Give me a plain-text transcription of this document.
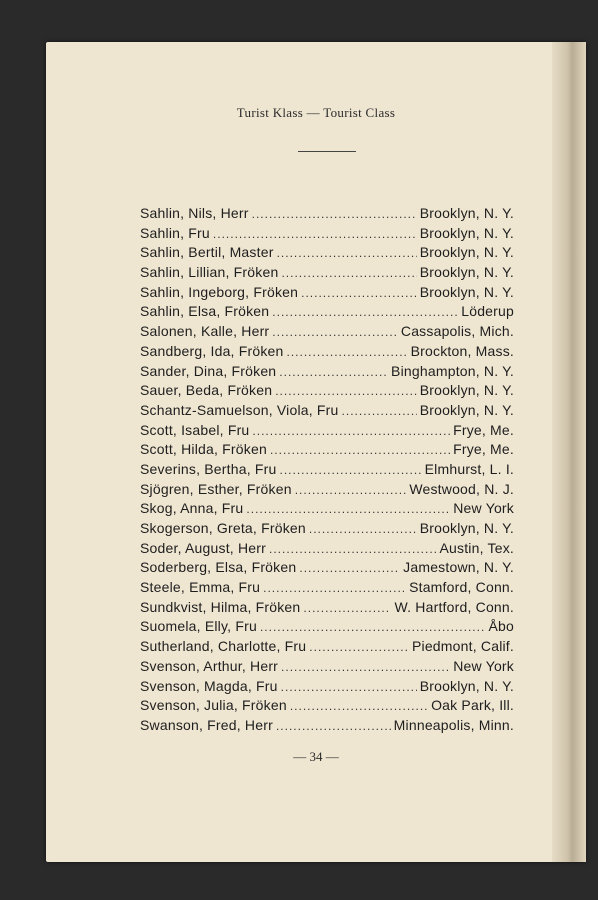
Turist Klass — Tourist Class
Sahlin, Nils, Herr .....	Brooklyn, N. Y.
Sahlin, Fru .....	Brooklyn, N. Y.
Sahlin, Bertil, Master .....	Brooklyn, N. Y.
Sahlin, Lillian, Fröken .....	Brooklyn, N. Y.
Sahlin, Ingeborg, Fröken .....	Brooklyn, N. Y.
Sahlin, Elsa, Fröken .....	Löderup
Salonen, Kalle, Herr .....	Cassapolis, Mich.
Sandberg, Ida, Fröken .....	Brockton, Mass.
Sander, Dina, Fröken .....	Binghampton, N. Y.
Sauer, Beda, Fröken .....	Brooklyn, N. Y.
Schantz-Samuelson, Viola, Fru .....	Brooklyn, N. Y.
Scott, Isabel, Fru .....	Frye, Me.
Scott, Hilda, Fröken .....	Frye, Me.
Severins, Bertha, Fru .....	Elmhurst, L. I.
Sjögren, Esther, Fröken .....	Westwood, N. J.
Skog, Anna, Fru .....	New York
Skogerson, Greta, Fröken .....	Brooklyn, N. Y.
Soder, August, Herr .....	Austin, Tex.
Soderberg, Elsa, Fröken .....	Jamestown, N. Y.
Steele, Emma, Fru .....	Stamford, Conn.
Sundkvist, Hilma, Fröken .....	W. Hartford, Conn.
Suomela, Elly, Fru .....	Åbo
Sutherland, Charlotte, Fru .....	Piedmont, Calif.
Svenson, Arthur, Herr .....	New York
Svenson, Magda, Fru .....	Brooklyn, N. Y.
Svenson, Julia, Fröken .....	Oak Park, Ill.
Swanson, Fred, Herr .....	Minneapolis, Minn.
— 34 —
